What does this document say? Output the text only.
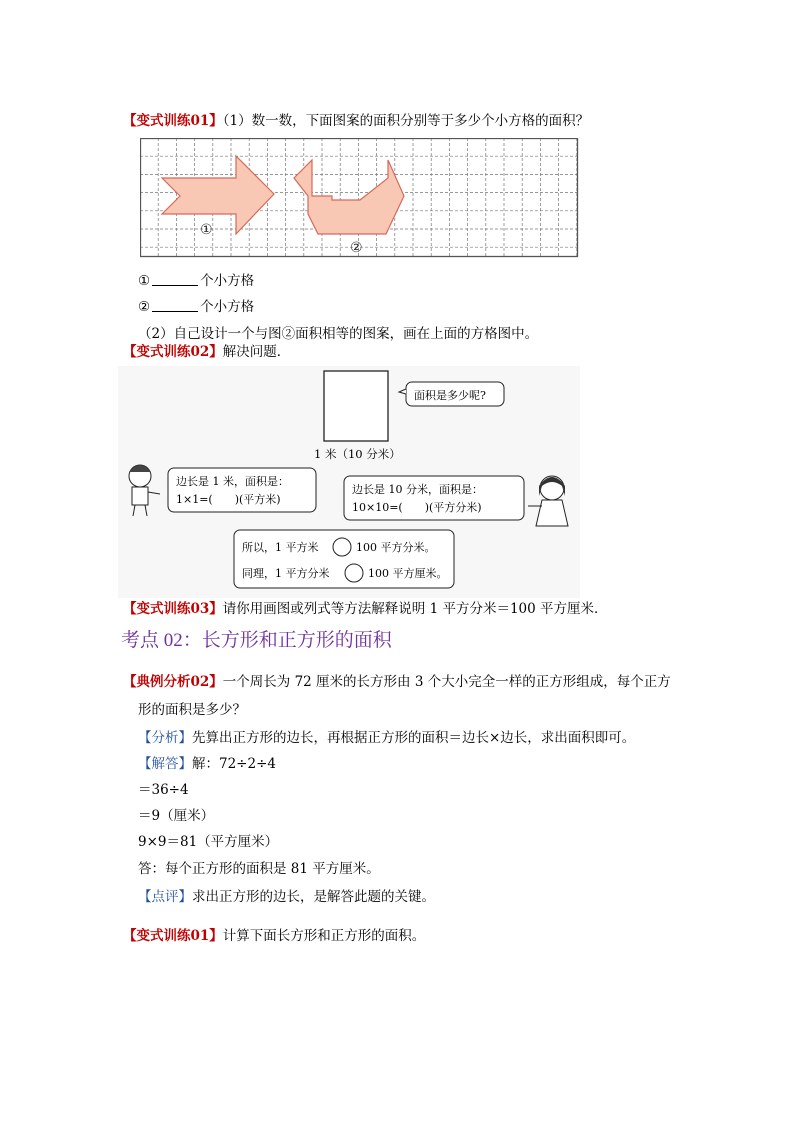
【变式训练01】（1）数一数，下面图案的面积分别等于多少个小方格的面积？
①
②
①	个小方格
②	个小方格
（2）自己设计一个与图②面积相等的图案，画在上面的方格图中。
【变式训练02】解决问题．
面积是多少呢?
1 米（10 分米）
边长是 1 米，面积是：
1×1=(　　)(平方米)
边长是 10 分米，面积是：
10×10=(　　)(平方分米)
所以，1 平方米	100 平方分米。
同理，1 平方分米	100 平方厘米。
【变式训练03】请你用画图或列式等方法解释说明 1 平方分米＝100 平方厘米．
考点 02：长方形和正方形的面积
【典例分析02】一个周长为 72 厘米的长方形由 3 个大小完全一样的正方形组成，每个正方
形的面积是多少？
【分析】先算出正方形的边长，再根据正方形的面积＝边长×边长，求出面积即可。
【解答】解：72÷2÷4
＝36÷4
＝9（厘米）
9×9＝81（平方厘米）
答：每个正方形的面积是 81 平方厘米。
【点评】求出正方形的边长，是解答此题的关键。
【变式训练01】计算下面长方形和正方形的面积。
